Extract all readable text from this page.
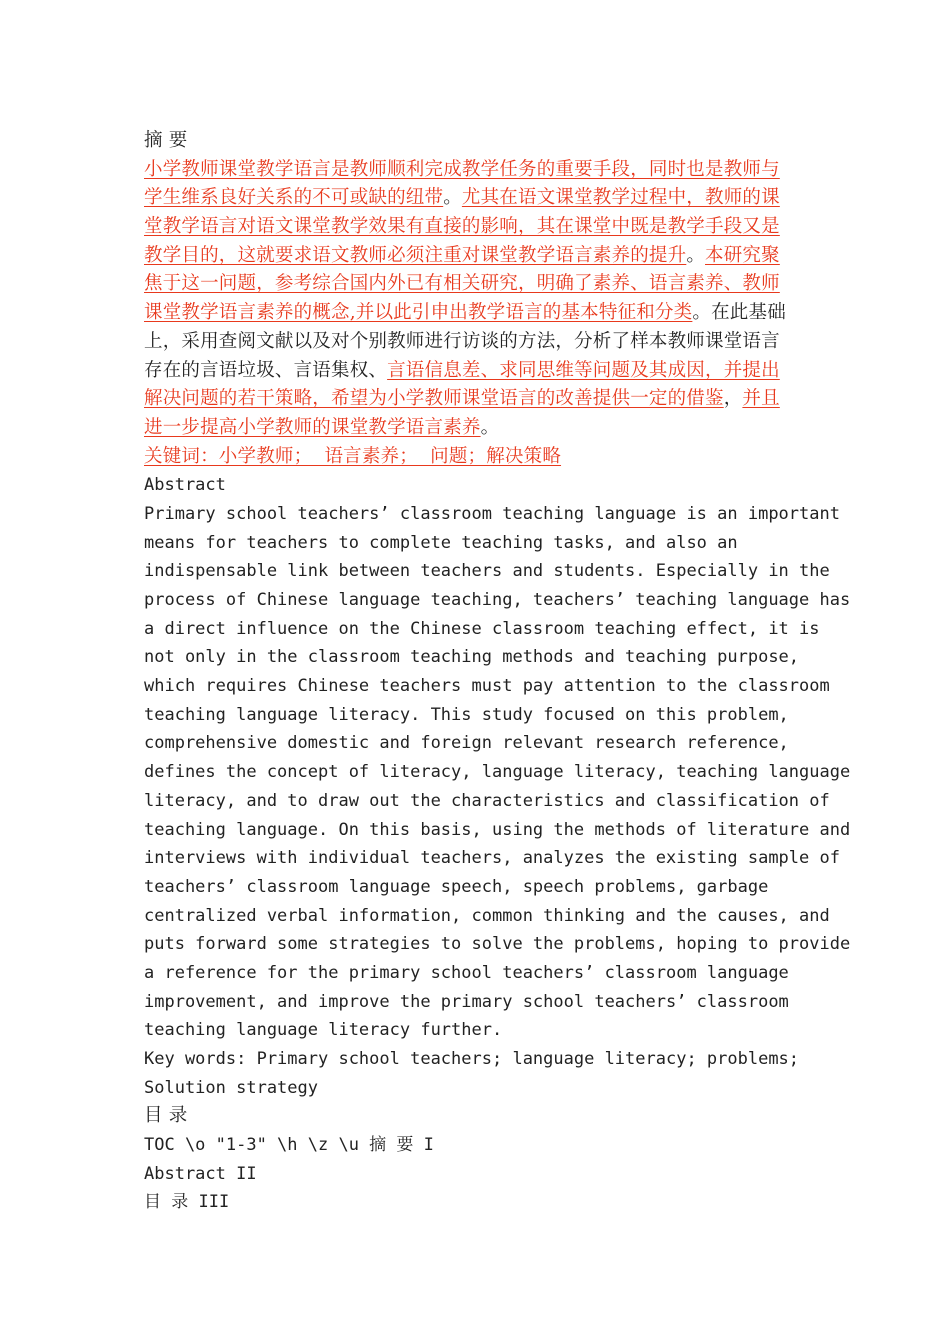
摘 要
小学教师课堂教学语言是教师顺利完成教学任务的重要手段，同时也是教师与
学生维系良好关系的不可或缺的纽带。尤其在语文课堂教学过程中，教师的课
堂教学语言对语文课堂教学效果有直接的影响，其在课堂中既是教学手段又是
教学目的，这就要求语文教师必须注重对课堂教学语言素养的提升。本研究聚
焦于这一问题，参考综合国内外已有相关研究，明确了素养、语言素养、教师
课堂教学语言素养的概念,并以此引申出教学语言的基本特征和分类。在此基础
上，采用查阅文献以及对个别教师进行访谈的方法，分析了样本教师课堂语言
存在的言语垃圾、言语集权、言语信息差、求同思维等问题及其成因，并提出
解决问题的若干策略，希望为小学教师课堂语言的改善提供一定的借鉴，并且
进一步提高小学教师的课堂教学语言素养。
关键词：小学教师；  语言素养；  问题；解决策略
Abstract
Primary school teachers’ classroom teaching language is an important
means for teachers to complete teaching tasks, and also an
indispensable link between teachers and students. Especially in the
process of Chinese language teaching, teachers’ teaching language has
a direct influence on the Chinese classroom teaching effect, it is
not only in the classroom teaching methods and teaching purpose,
which requires Chinese teachers must pay attention to the classroom
teaching language literacy. This study focused on this problem,
comprehensive domestic and foreign relevant research reference,
defines the concept of literacy, language literacy, teaching language
literacy, and to draw out the characteristics and classification of
teaching language. On this basis, using the methods of literature and
interviews with individual teachers, analyzes the existing sample of
teachers’ classroom language speech, speech problems, garbage
centralized verbal information, common thinking and the causes, and
puts forward some strategies to solve the problems, hoping to provide
a reference for the primary school teachers’ classroom language
improvement, and improve the primary school teachers’ classroom
teaching language literacy further.
Key words: Primary school teachers; language literacy; problems;
Solution strategy
目 录
TOC \o "1-3" \h \z \u 摘 要 I
Abstract II
目 录 III
